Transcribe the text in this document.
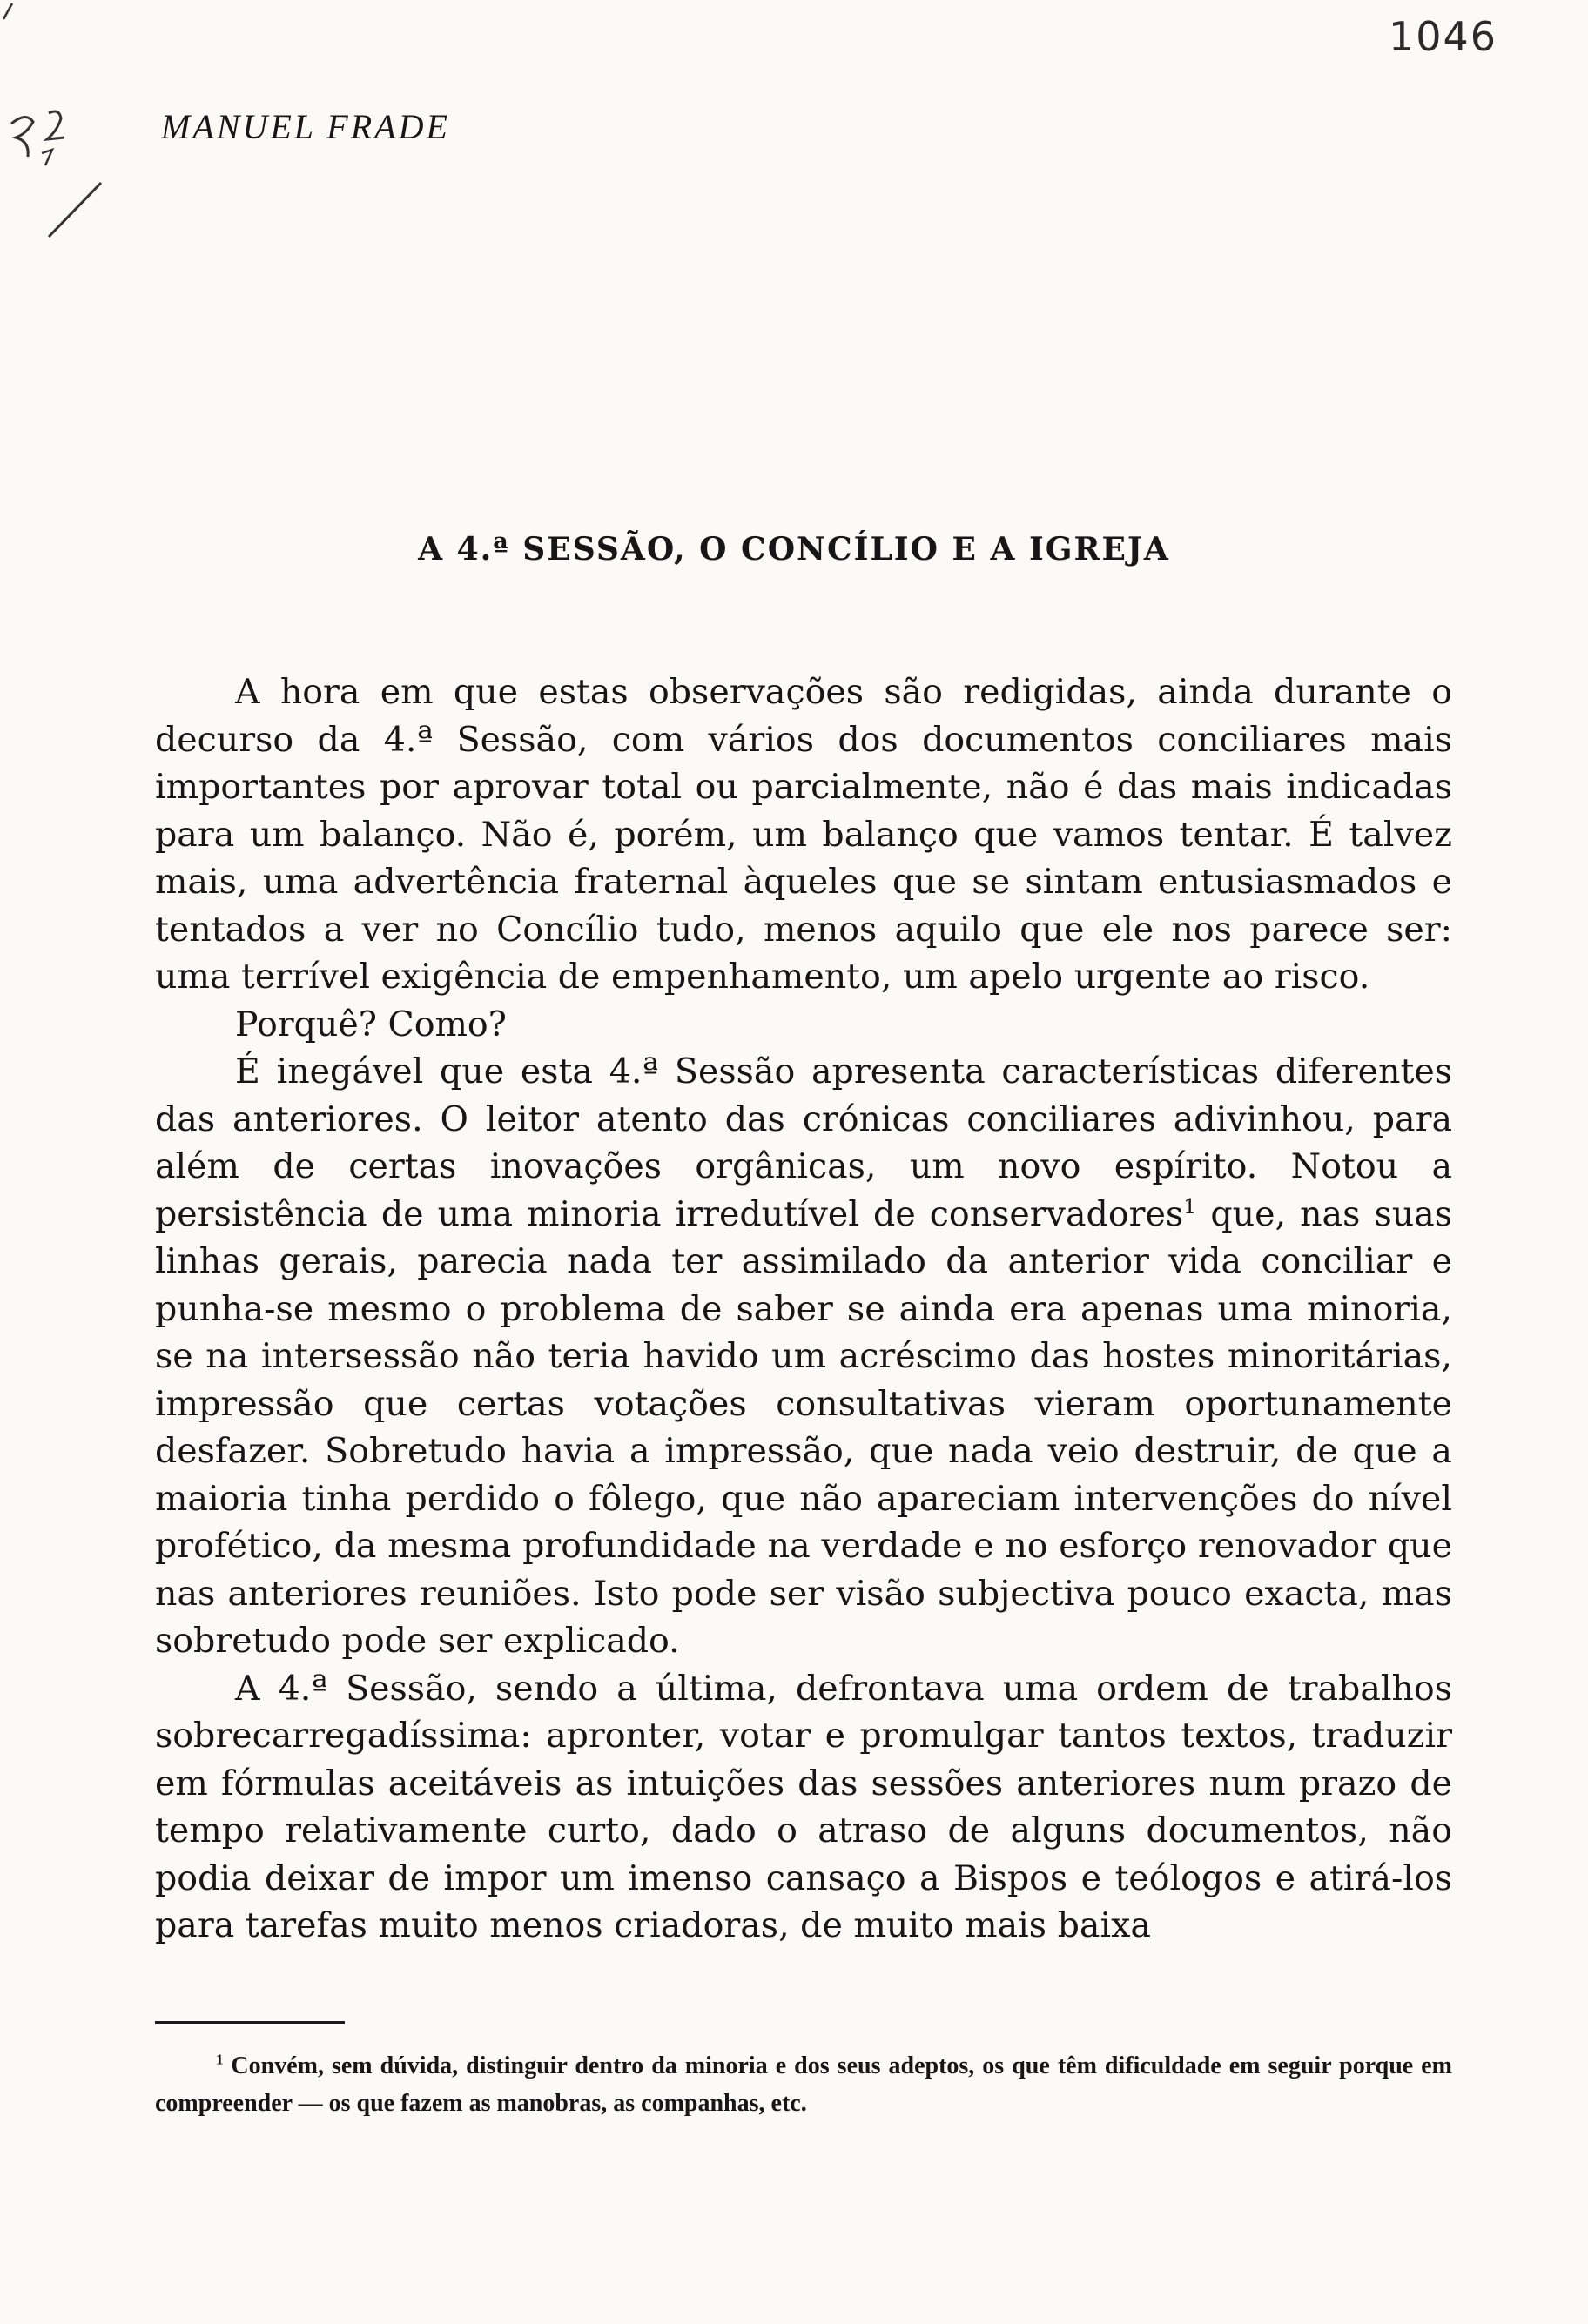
1046
MANUEL FRADE
A 4.ª SESSÃO, O CONCÍLIO E A IGREJA

A hora em que estas observações são redigidas, ainda durante o decurso da 4.ª Sessão, com vários dos documentos conciliares mais importantes por aprovar total ou parcialmente, não é das mais indicadas para um balanço. Não é, porém, um balanço que vamos tentar. É talvez mais, uma advertência fraternal àqueles que se sintam entusiasmados e tentados a ver no Concílio tudo, menos aquilo que ele nos parece ser: uma terrível exigência de empenhamento, um apelo urgente ao risco.

Porquê? Como?

É inegável que esta 4.ª Sessão apresenta características diferentes das anteriores. O leitor atento das crónicas conciliares adivinhou, para além de certas inovações orgânicas, um novo espírito. Notou a persistência de uma minoria irredutível de conservadores$^1$ que, nas suas linhas gerais, parecia nada ter assimilado da anterior vida conciliar e punha-se mesmo o problema de saber se ainda era apenas uma minoria, se na intersessão não teria havido um acréscimo das hostes minoritárias, impressão que certas votações consultativas vieram oportunamente desfazer. Sobretudo havia a impressão, que nada veio destruir, de que a maioria tinha perdido o fôlego, que não apareciam intervenções do nível profético, da mesma profundidade na verdade e no esforço renovador que nas anteriores reuniões. Isto pode ser visão subjectiva pouco exacta, mas sobretudo pode ser explicado.

A 4.ª Sessão, sendo a última, defrontava uma ordem de trabalhos sobrecarregadíssima: apronter, votar e promulgar tantos textos, traduzir em fórmulas aceitáveis as intuições das sessões anteriores num prazo de tempo relativamente curto, dado o atraso de alguns documentos, não podia deixar de impor um imenso cansaço a Bispos e teólogos e atirá-los para tarefas muito menos criadoras, de muito mais baixa

$^1$ Convém, sem dúvida, distinguir dentro da minoria e dos seus adeptos, os que têm dificuldade em seguir porque em compreender — os que fazem as manobras, as companhas, etc.
